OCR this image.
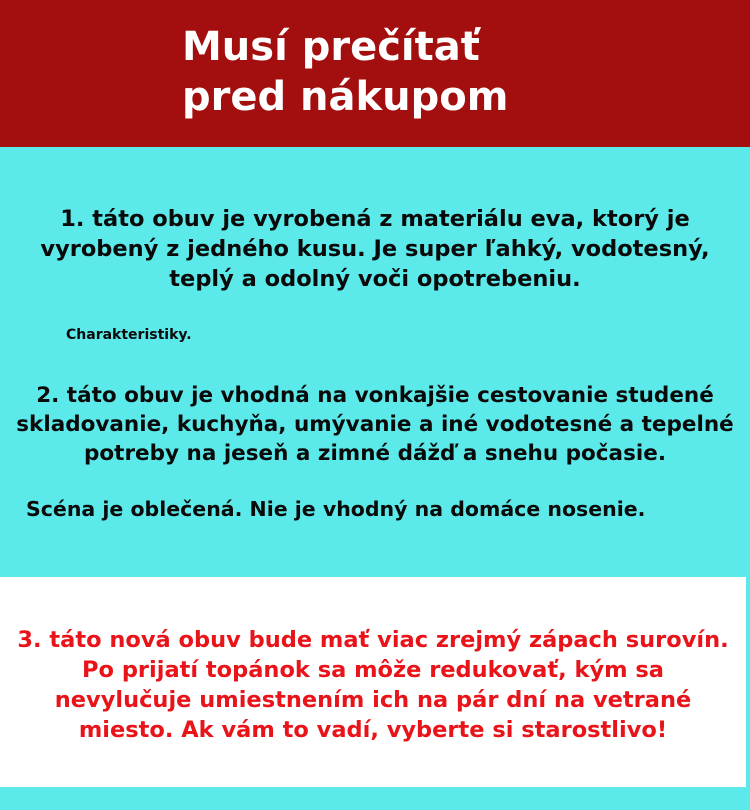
Musí prečítať
pred nákupom
1. táto obuv je vyrobená z materiálu eva, ktorý je vyrobený z jedného kusu. Je super ľahký, vodotesný, teplý a odolný voči opotrebeniu.
Charakteristiky.
2. táto obuv je vhodná na vonkajšie cestovanie studené skladovanie, kuchyňa, umývanie a iné vodotesné a tepelné potreby na jeseň a zimné dážď a snehu počasie.
Scéna je oblečená. Nie je vhodný na domáce nosenie.
3. táto nová obuv bude mať viac zrejmý zápach surovín. Po prijatí topánok sa môže redukovať, kým sa nevylučuje umiestnením ich na pár dní na vetrané miesto. Ak vám to vadí, vyberte si starostlivo!
